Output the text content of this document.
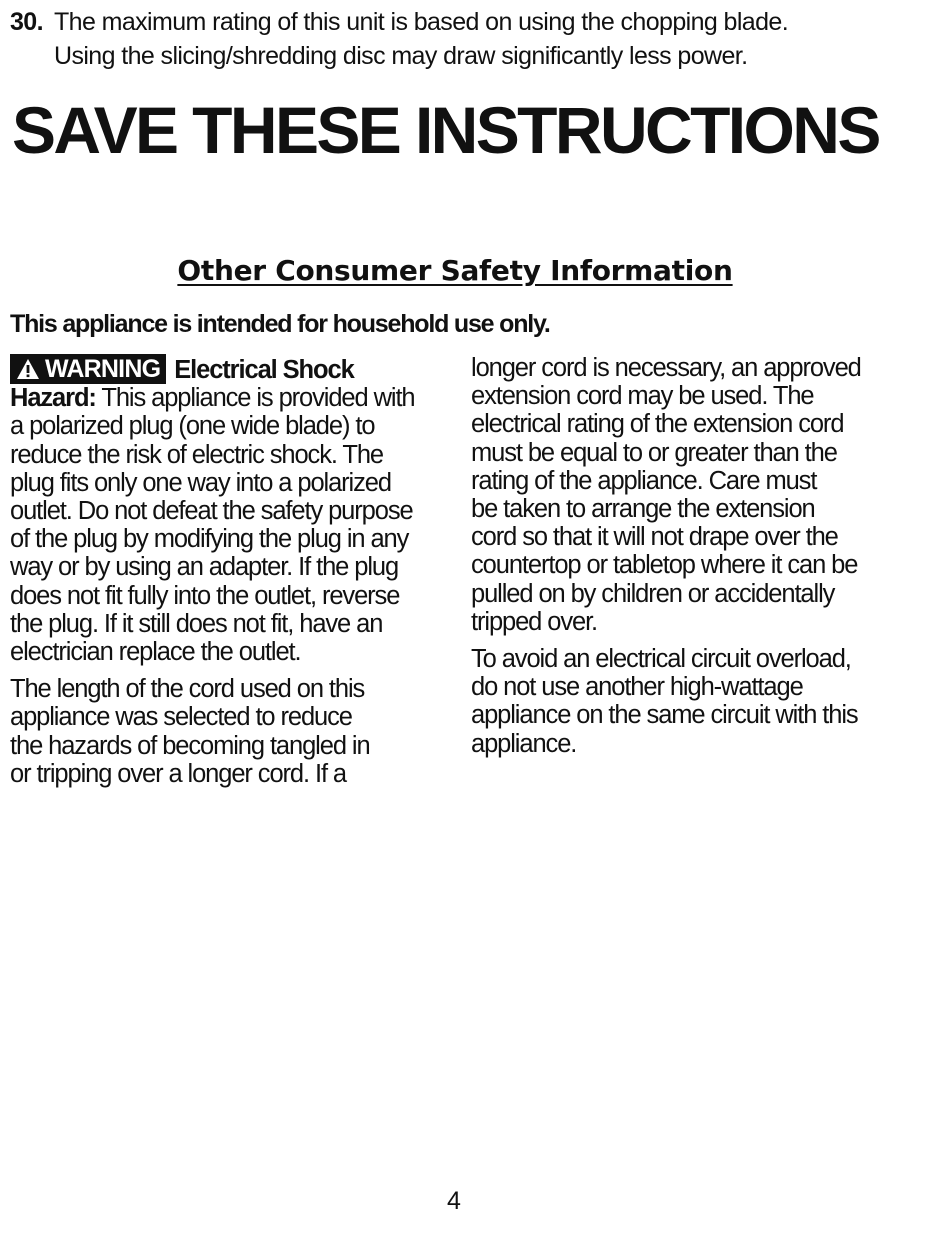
30. The maximum rating of this unit is based on using the chopping blade.
Using the slicing/shredding disc may draw significantly less power.
SAVE THESE INSTRUCTIONS
Other Consumer Safety Information
This appliance is intended for household use only.
WARNING Electrical Shock
Hazard: This appliance is provided with
a polarized plug (one wide blade) to
reduce the risk of electric shock. The
plug fits only one way into a polarized
outlet. Do not defeat the safety purpose
of the plug by modifying the plug in any
way or by using an adapter. If the plug
does not fit fully into the outlet, reverse
the plug. If it still does not fit, have an
electrician replace the outlet.
The length of the cord used on this
appliance was selected to reduce
the hazards of becoming tangled in
or tripping over a longer cord. If a
longer cord is necessary, an approved
extension cord may be used. The
electrical rating of the extension cord
must be equal to or greater than the
rating of the appliance. Care must
be taken to arrange the extension
cord so that it will not drape over the
countertop or tabletop where it can be
pulled on by children or accidentally
tripped over.
To avoid an electrical circuit overload,
do not use another high-wattage
appliance on the same circuit with this
appliance.
4
